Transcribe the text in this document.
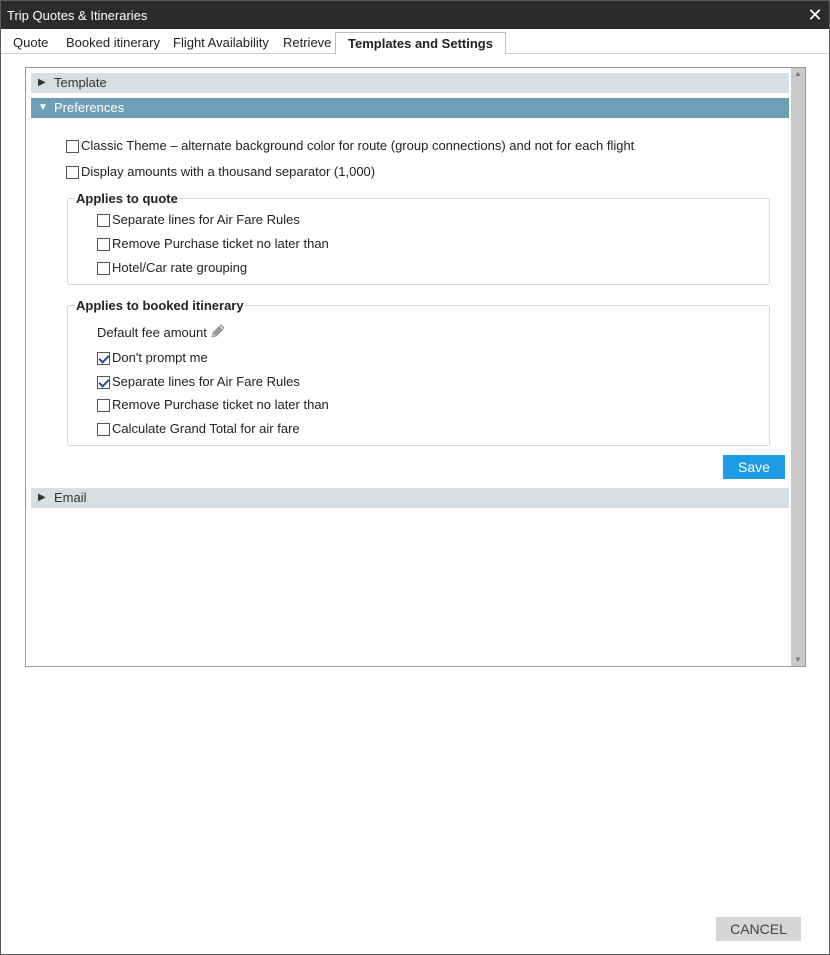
Trip Quotes & Itineraries	✕
Quote Booked itinerary Flight Availability Retrieve	Templates and Settings
▶ Template
▼ Preferences
Classic Theme – alternate background color for route (group connections) and not for each flight
Display amounts with a thousand separator (1,000)
Applies to quote
Separate lines for Air Fare Rules
Remove Purchase ticket no later than
Hotel/Car rate grouping
Applies to booked itinerary
Default fee amount
Don't prompt me
Separate lines for Air Fare Rules
Remove Purchase ticket no later than
Calculate Grand Total for air fare
Save
▶ Email
▲
▼
CANCEL
